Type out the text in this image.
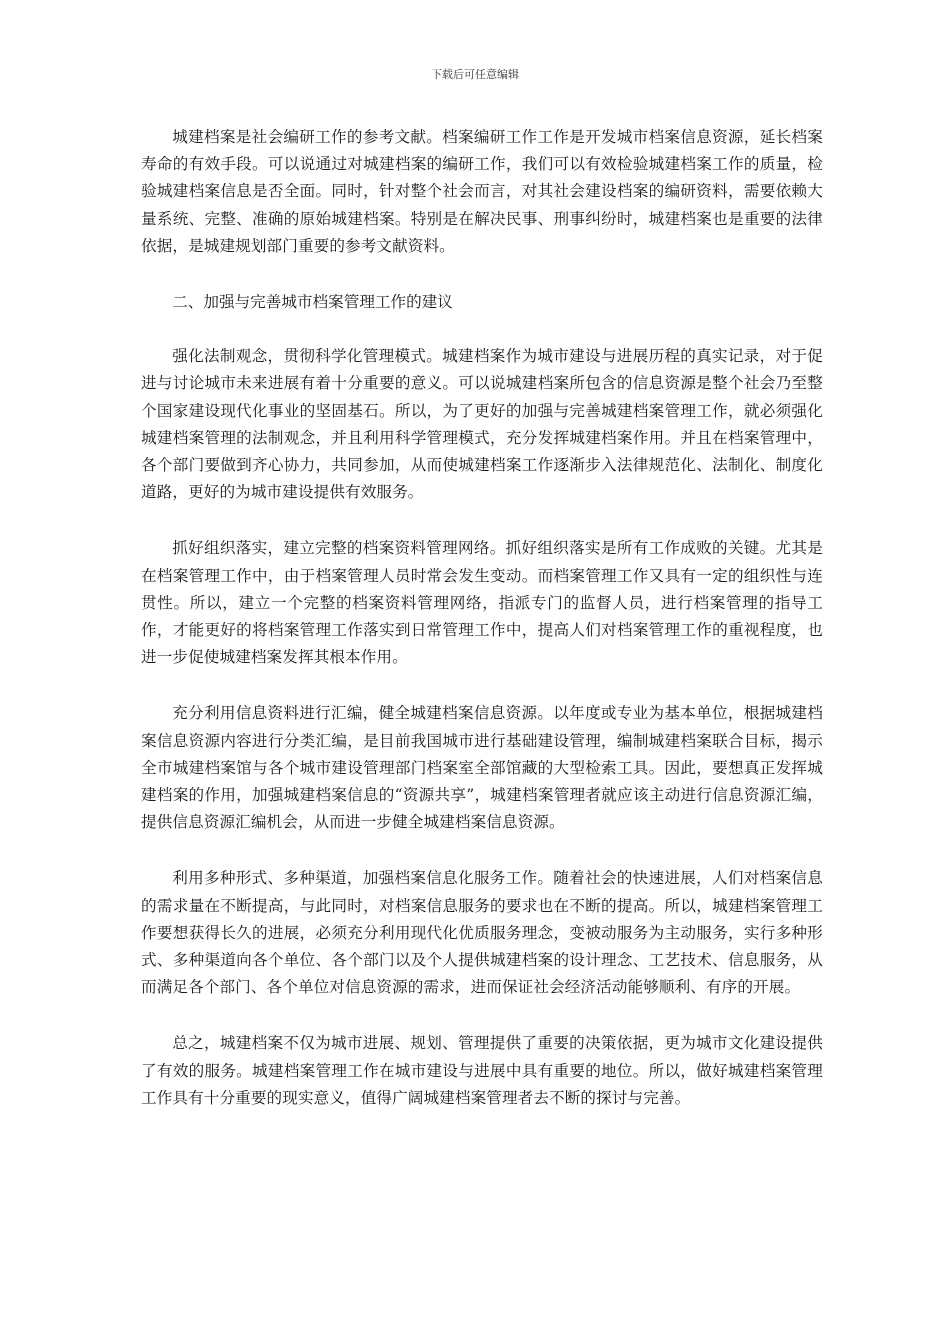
下载后可任意编辑

城建档案是社会编研工作的参考文献。档案编研工作工作是开发城市档案信息资源，延长档案寿命的有效手段。可以说通过对城建档案的编研工作，我们可以有效检验城建档案工作的质量，检验城建档案信息是否全面。同时，针对整个社会而言，对其社会建设档案的编研资料，需要依赖大量系统、完整、准确的原始城建档案。特别是在解决民事、刑事纠纷时，城建档案也是重要的法律依据，是城建规划部门重要的参考文献资料。

二、加强与完善城市档案管理工作的建议

强化法制观念，贯彻科学化管理模式。城建档案作为城市建设与进展历程的真实记录，对于促进与讨论城市未来进展有着十分重要的意义。可以说城建档案所包含的信息资源是整个社会乃至整个国家建设现代化事业的坚固基石。所以，为了更好的加强与完善城建档案管理工作，就必须强化城建档案管理的法制观念，并且利用科学管理模式，充分发挥城建档案作用。并且在档案管理中，各个部门要做到齐心协力，共同参加，从而使城建档案工作逐渐步入法律规范化、法制化、制度化道路，更好的为城市建设提供有效服务。

抓好组织落实，建立完整的档案资料管理网络。抓好组织落实是所有工作成败的关键。尤其是在档案管理工作中，由于档案管理人员时常会发生变动。而档案管理工作又具有一定的组织性与连贯性。所以，建立一个完整的档案资料管理网络，指派专门的监督人员，进行档案管理的指导工作，才能更好的将档案管理工作落实到日常管理工作中，提高人们对档案管理工作的重视程度，也进一步促使城建档案发挥其根本作用。

充分利用信息资料进行汇编，健全城建档案信息资源。以年度或专业为基本单位，根据城建档案信息资源内容进行分类汇编，是目前我国城市进行基础建设管理，编制城建档案联合目标，揭示全市城建档案馆与各个城市建设管理部门档案室全部馆藏的大型检索工具。因此，要想真正发挥城建档案的作用，加强城建档案信息的“资源共享”，城建档案管理者就应该主动进行信息资源汇编，提供信息资源汇编机会，从而进一步健全城建档案信息资源。

利用多种形式、多种渠道，加强档案信息化服务工作。随着社会的快速进展，人们对档案信息的需求量在不断提高，与此同时，对档案信息服务的要求也在不断的提高。所以，城建档案管理工作要想获得长久的进展，必须充分利用现代化优质服务理念，变被动服务为主动服务，实行多种形式、多种渠道向各个单位、各个部门以及个人提供城建档案的设计理念、工艺技术、信息服务，从而满足各个部门、各个单位对信息资源的需求，进而保证社会经济活动能够顺利、有序的开展。

总之，城建档案不仅为城市进展、规划、管理提供了重要的决策依据，更为城市文化建设提供了有效的服务。城建档案管理工作在城市建设与进展中具有重要的地位。所以，做好城建档案管理工作具有十分重要的现实意义，值得广阔城建档案管理者去不断的探讨与完善。
